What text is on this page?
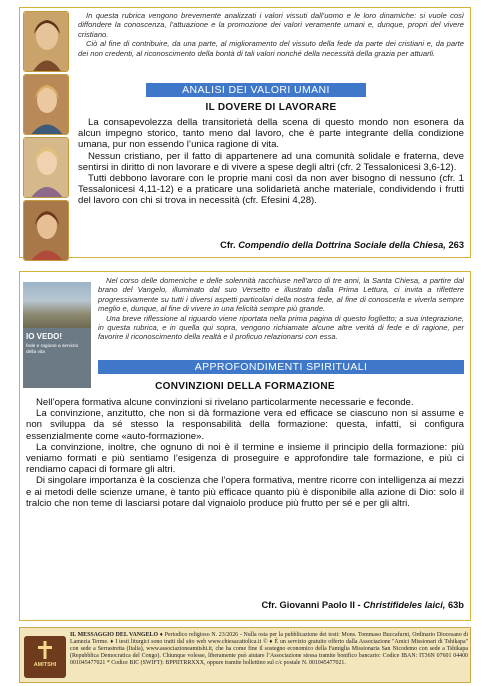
In questa rubrica vengono brevemente analizzati i valori vissuti dall’uomo e le loro dinamiche: si vuole così diffondere la conoscenza, l’attuazione e la promozione dei valori veramente umani e, dunque, propri del vivere cristiano.

Ciò al fine di contribuire, da una parte, al miglioramento del vissuto della fede da parte dei cristiani e, da parte dei non credenti, al riconoscimento della bontà di tali valori nonché della necessità della grazia per attuarli.

ANALISI DEI VALORI UMANI
IL DOVERE DI LAVORARE

La consapevolezza della transitorietà della scena di questo mondo non esonera da alcun impegno storico, tanto meno dal lavoro, che è parte integrante della condizione umana, pur non essendo l’unica ragione di vita.

Nessun cristiano, per il fatto di appartenere ad una comunità solidale e fraterna, deve sentirsi in diritto di non lavorare e di vivere a spese degli altri (cfr. 2 Tessalonicesi 3,6-12).

Tutti debbono lavorare con le proprie mani così da non aver bisogno di nessuno (cfr. 1 Tessalonicesi 4,11-12) e a praticare una solidarietà anche materiale, condividendo i frutti del lavoro con chi si trova in necessità (cfr. Efesini 4,28).

Cfr. Compendio della Dottrina Sociale della Chiesa, 263
IO VEDO!
fede e ragione a servizio della vita

Nel corso delle domeniche e delle solennità racchiuse nell’arco di tre anni, la Santa Chiesa, a partire dal brano del Vangelo, illuminato dal suo Versetto e illustrato dalla Prima Lettura, ci invita a riflettere progressivamente su tutti i diversi aspetti particolari della nostra fede, al fine di conoscerla e viverla sempre meglio e, dunque, al fine di vivere in una felicità sempre più grande.

Una breve riflessione al riguardo viene riportata nella prima pagina di questo foglietto; a sua integrazione, in questa rubrica, e in quella qui sopra, vengono richiamate alcune altre verità di fede e di ragione, per favorire il riconoscimento della realtà e il proficuo relazionarsi con essa.

APPROFONDIMENTI SPIRITUALI
CONVINZIONI DELLA FORMAZIONE

Nell’opera formativa alcune convinzioni si rivelano particolarmente necessarie e feconde.

La convinzione, anzitutto, che non si dà formazione vera ed efficace se ciascuno non si assume e non sviluppa da sé stesso la responsabilità della formazione: questa, infatti, si configura essenzialmente come «auto-formazione».

La convinzione, inoltre, che ognuno di noi è il termine e insieme il principio della formazione: più veniamo formati e più sentiamo l’esigenza di proseguire e approfondire tale formazione, e più ci rendiamo capaci di formare gli altri.

Di singolare importanza è la coscienza che l’opera formativa, mentre ricorre con intelligenza ai mezzi e ai metodi delle scienze umane, è tanto più efficace quanto più è disponibile alla azione di Dio: solo il tralcio che non teme di lasciarsi potare dal vignaiolo produce più frutto per sé e per gli altri.

Cfr. Giovanni Paolo II - Christifideles laici, 63b
AMITSHI
IL MESSAGGIO DEL VANGELO ♦ Periodico religioso N. 23/2026 - Nulla osta per la pubblicazione dei testi: Mons. Tommaso Buccafurni, Ordinario Diocesano di Lamezia Terme. ♦ I testi liturgici sono tratti dal sito web www.chiesacattolica.it © ♦ È un servizio gratuito offerto dalla Associazione "Amici Missionari di Tshikapa" con sede a Serrastretta (Italia), www.associazioneamitshi.it, che ha come fine il sostegno economico della Famiglia Missionaria San Nicodemo con sede a Tshikapa (Repubblica Democratica del Congo). Chiunque volesse, liberamente può aiutare l’Associazione stessa tramite bonifico bancario: Codice IBAN: IT36N 07601 04400 001045477021 * Codice BIC (SWIFT): BPPIITRRXXX, oppure tramite bollettino sul c/c postale N. 001045477021.
